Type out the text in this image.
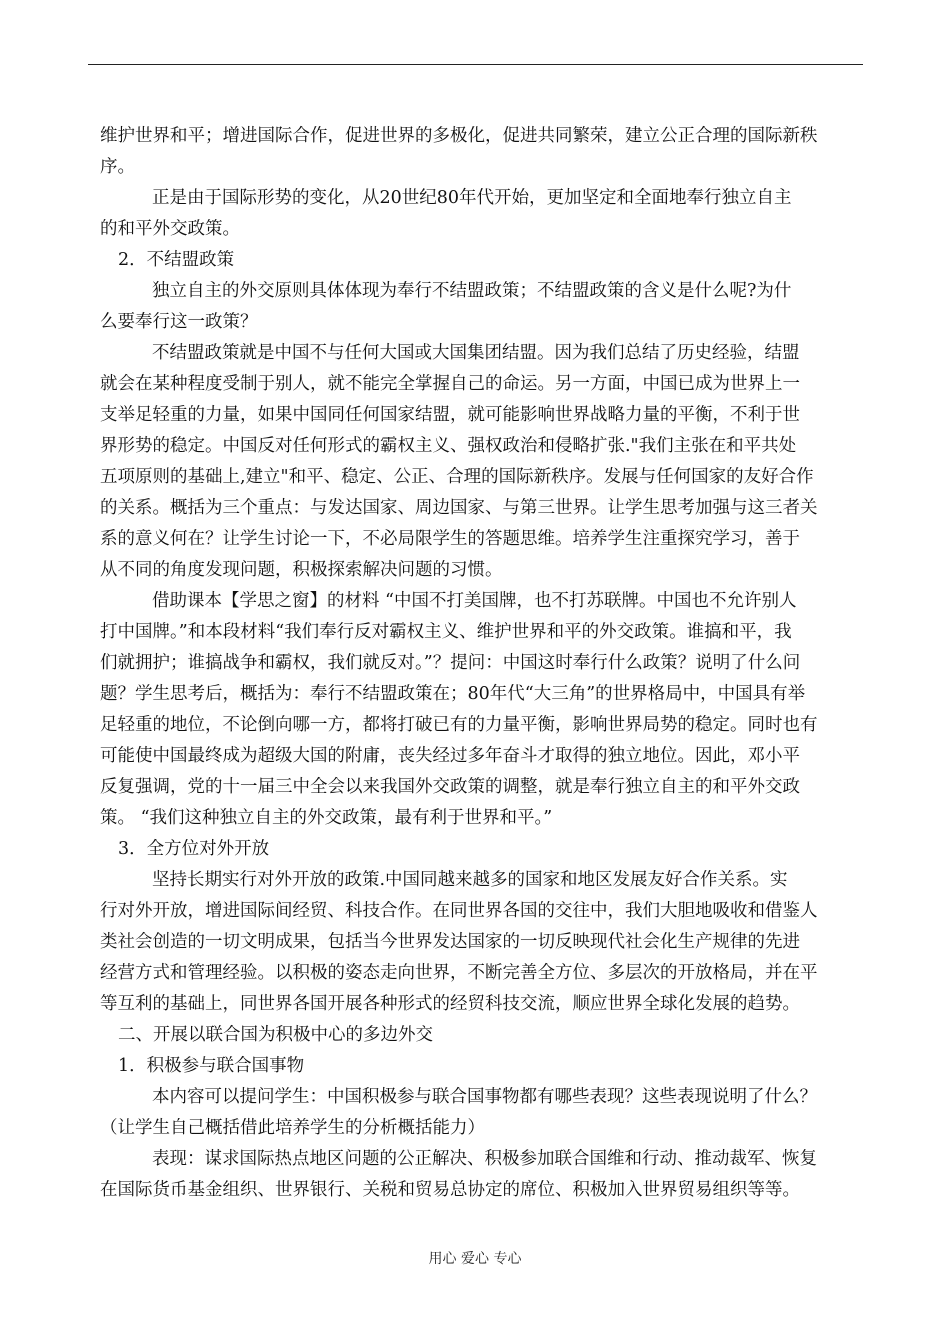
维护世界和平；增进国际合作，促进世界的多极化，促进共同繁荣，建立公正合理的国际新秩
序。
正是由于国际形势的变化，从20世纪80年代开始，更加坚定和全面地奉行独立自主
的和平外交政策。
2．不结盟政策
独立自主的外交原则具体体现为奉行不结盟政策；不结盟政策的含义是什么呢?为什
么要奉行这一政策？
不结盟政策就是中国不与任何大国或大国集团结盟。因为我们总结了历史经验，结盟
就会在某种程度受制于别人，就不能完全掌握自己的命运。另一方面，中国已成为世界上一
支举足轻重的力量，如果中国同任何国家结盟，就可能影响世界战略力量的平衡，不利于世
界形势的稳定。中国反对任何形式的霸权主义、强权政治和侵略扩张."我们主张在和平共处
五项原则的基础上,建立"和平、稳定、公正、合理的国际新秩序。发展与任何国家的友好合作
的关系。概括为三个重点：与发达国家、周边国家、与第三世界。让学生思考加强与这三者关
系的意义何在？让学生讨论一下，不必局限学生的答题思维。培养学生注重探究学习，善于
从不同的角度发现问题，积极探索解决问题的习惯。
借助课本【学思之窗】的材料 “中国不打美国牌，也不打苏联牌。中国也不允许别人
打中国牌。”和本段材料“我们奉行反对霸权主义、维护世界和平的外交政策。谁搞和平，我
们就拥护；谁搞战争和霸权，我们就反对。”？提问：中国这时奉行什么政策？说明了什么问
题？学生思考后，概括为：奉行不结盟政策在；80年代“大三角”的世界格局中，中国具有举
足轻重的地位，不论倒向哪一方，都将打破已有的力量平衡，影响世界局势的稳定。同时也有
可能使中国最终成为超级大国的附庸，丧失经过多年奋斗才取得的独立地位。因此，邓小平
反复强调，党的十一届三中全会以来我国外交政策的调整，就是奉行独立自主的和平外交政
策。 “我们这种独立自主的外交政策，最有利于世界和平。”
3．全方位对外开放
坚持长期实行对外开放的政策.中国同越来越多的国家和地区发展友好合作关系。实
行对外开放，增进国际间经贸、科技合作。在同世界各国的交往中，我们大胆地吸收和借鉴人
类社会创造的一切文明成果，包括当今世界发达国家的一切反映现代社会化生产规律的先进
经营方式和管理经验。以积极的姿态走向世界，不断完善全方位、多层次的开放格局，并在平
等互利的基础上，同世界各国开展各种形式的经贸科技交流，顺应世界全球化发展的趋势。
二、开展以联合国为积极中心的多边外交
1．积极参与联合国事物
本内容可以提问学生：中国积极参与联合国事物都有哪些表现？这些表现说明了什么？
（让学生自己概括借此培养学生的分析概括能力）
表现：谋求国际热点地区问题的公正解决、积极参加联合国维和行动、推动裁军、恢复
在国际货币基金组织、世界银行、关税和贸易总协定的席位、积极加入世界贸易组织等等。
用心 爱心 专心
